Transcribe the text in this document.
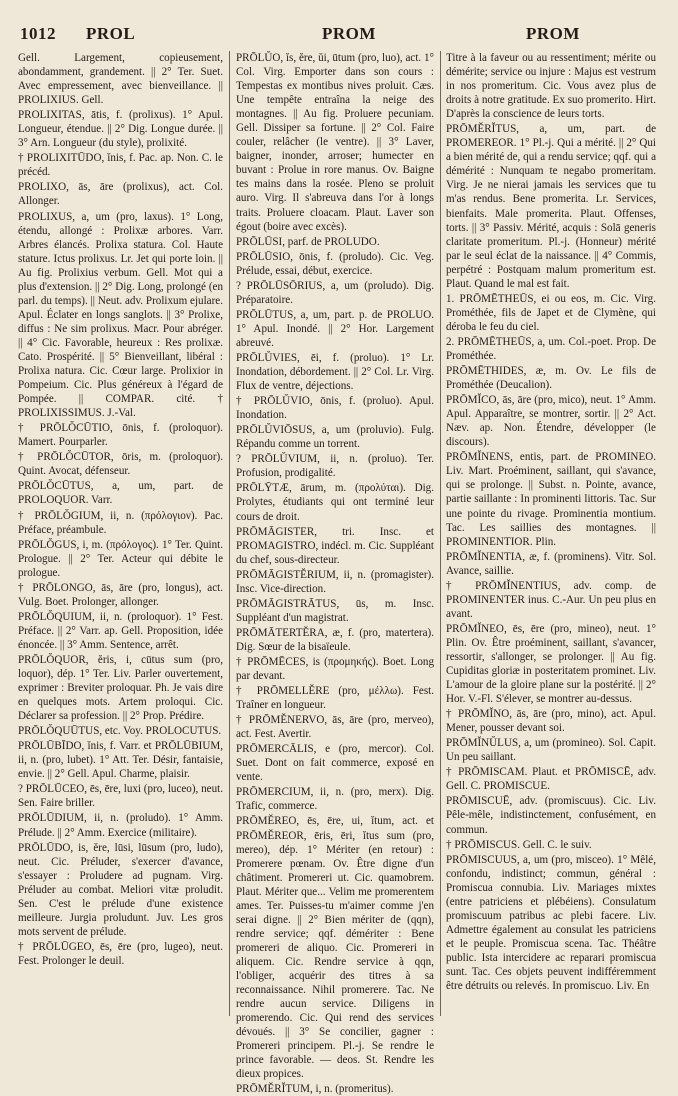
1012 PROL	PROM	PROM

Gell. Largement, copieusement, abondamment, grandement. || 2° Ter. Suet. Avec empressement, avec bienveillance. || PROLIXIUS. Gell.

PROLIXITAS, ātis, f. (prolixus). 1° Apul. Longueur, étendue. || 2° Dig. Longue durée. || 3° Arn. Longueur (du style), prolixité.

† PROLIXITŪDO, ĭnis, f. Pac. ap. Non. C. le précéd.

PROLIXO, ās, āre (prolixus), act. Col. Allonger.

PROLIXUS, a, um (pro, laxus). 1° Long, étendu, allongé : Prolixæ arbores. Varr. Arbres élancés. Prolixa statura. Col. Haute stature. Ictus prolixus. Lr. Jet qui porte loin. || Au fig. Prolixius verbum. Gell. Mot qui a plus d'extension. || 2° Dig. Long, prolongé (en parl. du temps). || Neut. adv. Prolixum ejulare. Apul. Éclater en longs sanglots. || 3° Prolixe, diffus : Ne sim prolixus. Macr. Pour abréger. || 4° Cic. Favorable, heureux : Res prolixæ. Cato. Prospérité. || 5° Bienveillant, libéral : Prolixa natura. Cic. Cœur large. Prolixior in Pompeium. Cic. Plus généreux à l'égard de Pompée. || COMPAR. cité. † PROLIXISSIMUS. J.-Val.

† PRŌLŎCŪTIO, ōnis, f. (proloquor). Mamert. Pourparler.

† PRŌLŎCŪTOR, ōris, m. (proloquor). Quint. Avocat, défenseur.

PRŌLŎCŪTUS, a, um, part. de PROLOQUOR. Varr.

† PRŌLŎGIUM, ii, n. (πρόλογιον). Pac. Préface, préambule.

PRŌLŎGUS, i, m. (πρόλογος). 1° Ter. Quint. Prologue. || 2° Ter. Acteur qui débite le prologue.

† PRŌLONGO, ās, āre (pro, longus), act. Vulg. Boet. Prolonger, allonger.

PRŌLŎQUIUM, ii, n. (proloquor). 1° Fest. Préface. || 2° Varr. ap. Gell. Proposition, idée énoncée. || 3° Amm. Sentence, arrêt.

PRŌLŎQUOR, ĕris, i, cūtus sum (pro, loquor), dép. 1° Ter. Liv. Parler ouvertement, exprimer : Breviter proloquar. Ph. Je vais dire en quelques mots. Artem proloqui. Cic. Déclarer sa profession. || 2° Prop. Prédire.

PRŌLŎQUŪTUS, etc. Voy. PROLOCUTUS.

PRŌLŪBĪDO, ĭnis, f. Varr. et PRŌLŪBIUM, ii, n. (pro, lubet). 1° Att. Ter. Désir, fantaisie, envie. || 2° Gell. Apul. Charme, plaisir.

? PRŌLŪCEO, ēs, ēre, luxi (pro, luceo), neut. Sen. Faire briller.

PRŌLŪDIUM, ii, n. (proludo). 1° Amm. Prélude. || 2° Amm. Exercice (militaire).

PRŌLŪDO, is, ĕre, lūsi, lūsum (pro, ludo), neut. Cic. Préluder, s'exercer d'avance, s'essayer : Proludere ad pugnam. Virg. Préluder au combat. Meliori vitæ proludit. Sen. C'est le prélude d'une existence meilleure. Jurgia proludunt. Juv. Les gros mots servent de prélude.

† PRŌLŪGEO, ēs, ēre (pro, lugeo), neut. Fest. Prolonger le deuil.

PRŌLŬO, ĭs, ĕre, ŭi, ūtum (pro, luo), act. 1° Col. Virg. Emporter dans son cours : Tempestas ex montibus nives proluit. Cæs. Une tempête entraîna la neige des montagnes. || Au fig. Proluere pecuniam. Gell. Dissiper sa fortune. || 2° Col. Faire couler, relâcher (le ventre). || 3° Laver, baigner, inonder, arroser; humecter en buvant : Prolue in rore manus. Ov. Baigne tes mains dans la rosée. Pleno se proluit auro. Virg. Il s'abreuva dans l'or à longs traits. Proluere cloacam. Plaut. Laver son égout (boire avec excès).

PRŌLŪSI, parf. de PROLUDO.

PRŌLŪSIO, ōnis, f. (proludo). Cic. Veg. Prélude, essai, début, exercice.

? PRŌLŪSŌRIUS, a, um (proludo). Dig. Préparatoire.

PRŌLŪTUS, a, um, part. p. de PROLUO. 1° Apul. Inondé. || 2° Hor. Largement abreuvé.

PRŌLŬVIES, ēi, f. (proluo). 1° Lr. Inondation, débordement. || 2° Col. Lr. Virg. Flux de ventre, déjections.

† PRŌLŬVIO, ōnis, f. (proluo). Apul. Inondation.

PRŌLŬVIŌSUS, a, um (proluvio). Fulg. Répandu comme un torrent.

? PRŌLŬVIUM, ii, n. (proluo). Ter. Profusion, prodigalité.

PRŌLȲTÆ, ārum, m. (προλύται). Dig. Prolytes, étudiants qui ont terminé leur cours de droit.

PRŌMĀGISTER, tri. Insc. et PROMAGISTRO, indécl. m. Cic. Suppléant du chef, sous-directeur.

PRŌMĀGISTĔRIUM, ii, n. (promagister). Insc. Vice-direction.

PRŌMĀGISTRĀTUS, ūs, m. Insc. Suppléant d'un magistrat.

PRŌMĀTERTĔRA, æ, f. (pro, matertera). Dig. Sœur de la bisaïeule.

† PRŌMĒCES, is (προμηκής). Boet. Long par devant.

† PRŌMELLĔRE (pro, μέλλω). Fest. Traîner en longueur.

† PRŌMĔNERVO, ās, āre (pro, merveo), act. Fest. Avertir.

PRŌMERCĀLIS, e (pro, mercor). Col. Suet. Dont on fait commerce, exposé en vente.

PRŌMERCIUM, ii, n. (pro, merx). Dig. Trafic, commerce.

PRŌMĔREO, ēs, ēre, ui, ĭtum, act. et PRŌMĔREOR, ēris, ēri, ĭtus sum (pro, mereo), dép. 1° Mériter (en retour) : Promerere pœnam. Ov. Être digne d'un châtiment. Promereri ut. Cic. quamobrem. Plaut. Mériter que... Velim me promerentem ames. Ter. Puisses-tu m'aimer comme j'en serai digne. || 2° Bien mériter de (qqn), rendre service; qqf. démériter : Bene promereri de aliquo. Cic. Promereri in aliquem. Cic. Rendre service à qqn, l'obliger, acquérir des titres à sa reconnaissance. Nihil promerere. Tac. Ne rendre aucun service. Diligens in promerendo. Cic. Qui rend des services dévoués. || 3° Se concilier, gagner : Promereri principem. Pl.-j. Se rendre le prince favorable. — deos. St. Rendre les dieux propices.

PRŌMĔRĬTUM, i, n. (promeritus).

Titre à la faveur ou au ressentiment; mérite ou démérite; service ou injure : Majus est vestrum in nos promeritum. Cic. Vous avez plus de droits à notre gratitude. Ex suo promerito. Hirt. D'après la conscience de leurs torts.

PRŌMĔRĬTUS, a, um, part. de PROMEREOR. 1° Pl.-j. Qui a mérité. || 2° Qui a bien mérité de, qui a rendu service; qqf. qui a démérité : Nunquam te negabo promeritam. Virg. Je ne nierai jamais les services que tu m'as rendus. Bene promerita. Lr. Services, bienfaits. Male promerita. Plaut. Offenses, torts. || 3° Passiv. Mérité, acquis : Solā generis claritate promeritum. Pl.-j. (Honneur) mérité par le seul éclat de la naissance. || 4° Commis, perpétré : Postquam malum promeritum est. Plaut. Quand le mal est fait.

1. PRŌMĒTHEŪS, ei ou eos, m. Cic. Virg. Prométhée, fils de Japet et de Clymène, qui déroba le feu du ciel.

2. PRŌMĒTHEŪS, a, um. Col.-poet. Prop. De Prométhée.

PRŌMĒTHIDES, æ, m. Ov. Le fils de Prométhée (Deucalion).

PRŌMĬCO, ās, āre (pro, mico), neut. 1° Amm. Apul. Apparaître, se montrer, sortir. || 2° Act. Næv. ap. Non. Étendre, développer (le discours).

PRŌMĬNENS, entis, part. de PROMINEO. Liv. Mart. Proéminent, saillant, qui s'avance, qui se prolonge. || Subst. n. Pointe, avance, partie saillante : In prominenti littoris. Tac. Sur une pointe du rivage. Prominentia montium. Tac. Les saillies des montagnes. || PROMINENTIOR. Plin.

PRŌMĬNENTIA, æ, f. (prominens). Vitr. Sol. Avance, saillie.

† PRŌMĬNENTIUS, adv. comp. de PROMINENTER inus. C.-Aur. Un peu plus en avant.

PRŌMĬNEO, ēs, ēre (pro, mineo), neut. 1° Plin. Ov. Être proéminent, saillant, s'avancer, ressortir, s'allonger, se prolonger. || Au fig. Cupiditas gloriæ in posteritatem prominet. Liv. L'amour de la gloire plane sur la postérité. || 2° Hor. V.-Fl. S'élever, se montrer au-dessus.

† PRŌMĬNO, ās, āre (pro, mino), act. Apul. Mener, pousser devant soi.

PRŌMĬNŬLUS, a, um (promineo). Sol. Capit. Un peu saillant.

† PRŌMISCAM. Plaut. et PRŌMISCĒ, adv. Gell. C. PROMISCUE.

PRŌMISCUĒ, adv. (promiscuus). Cic. Liv. Pêle-mêle, indistinctement, confusément, en commun.

† PRŌMISCUS. Gell. C. le suiv.

PRŌMISCUUS, a, um (pro, misceo). 1° Mêlé, confondu, indistinct; commun, général : Promiscua connubia. Liv. Mariages mixtes (entre patriciens et plébéiens). Consulatum promiscuum patribus ac plebi facere. Liv. Admettre également au consulat les patriciens et le peuple. Promiscua scena. Tac. Théâtre public. Ista intercidere ac reparari promiscua sunt. Tac. Ces objets peuvent indifféremment être détruits ou relevés. In promiscuo. Liv. En
